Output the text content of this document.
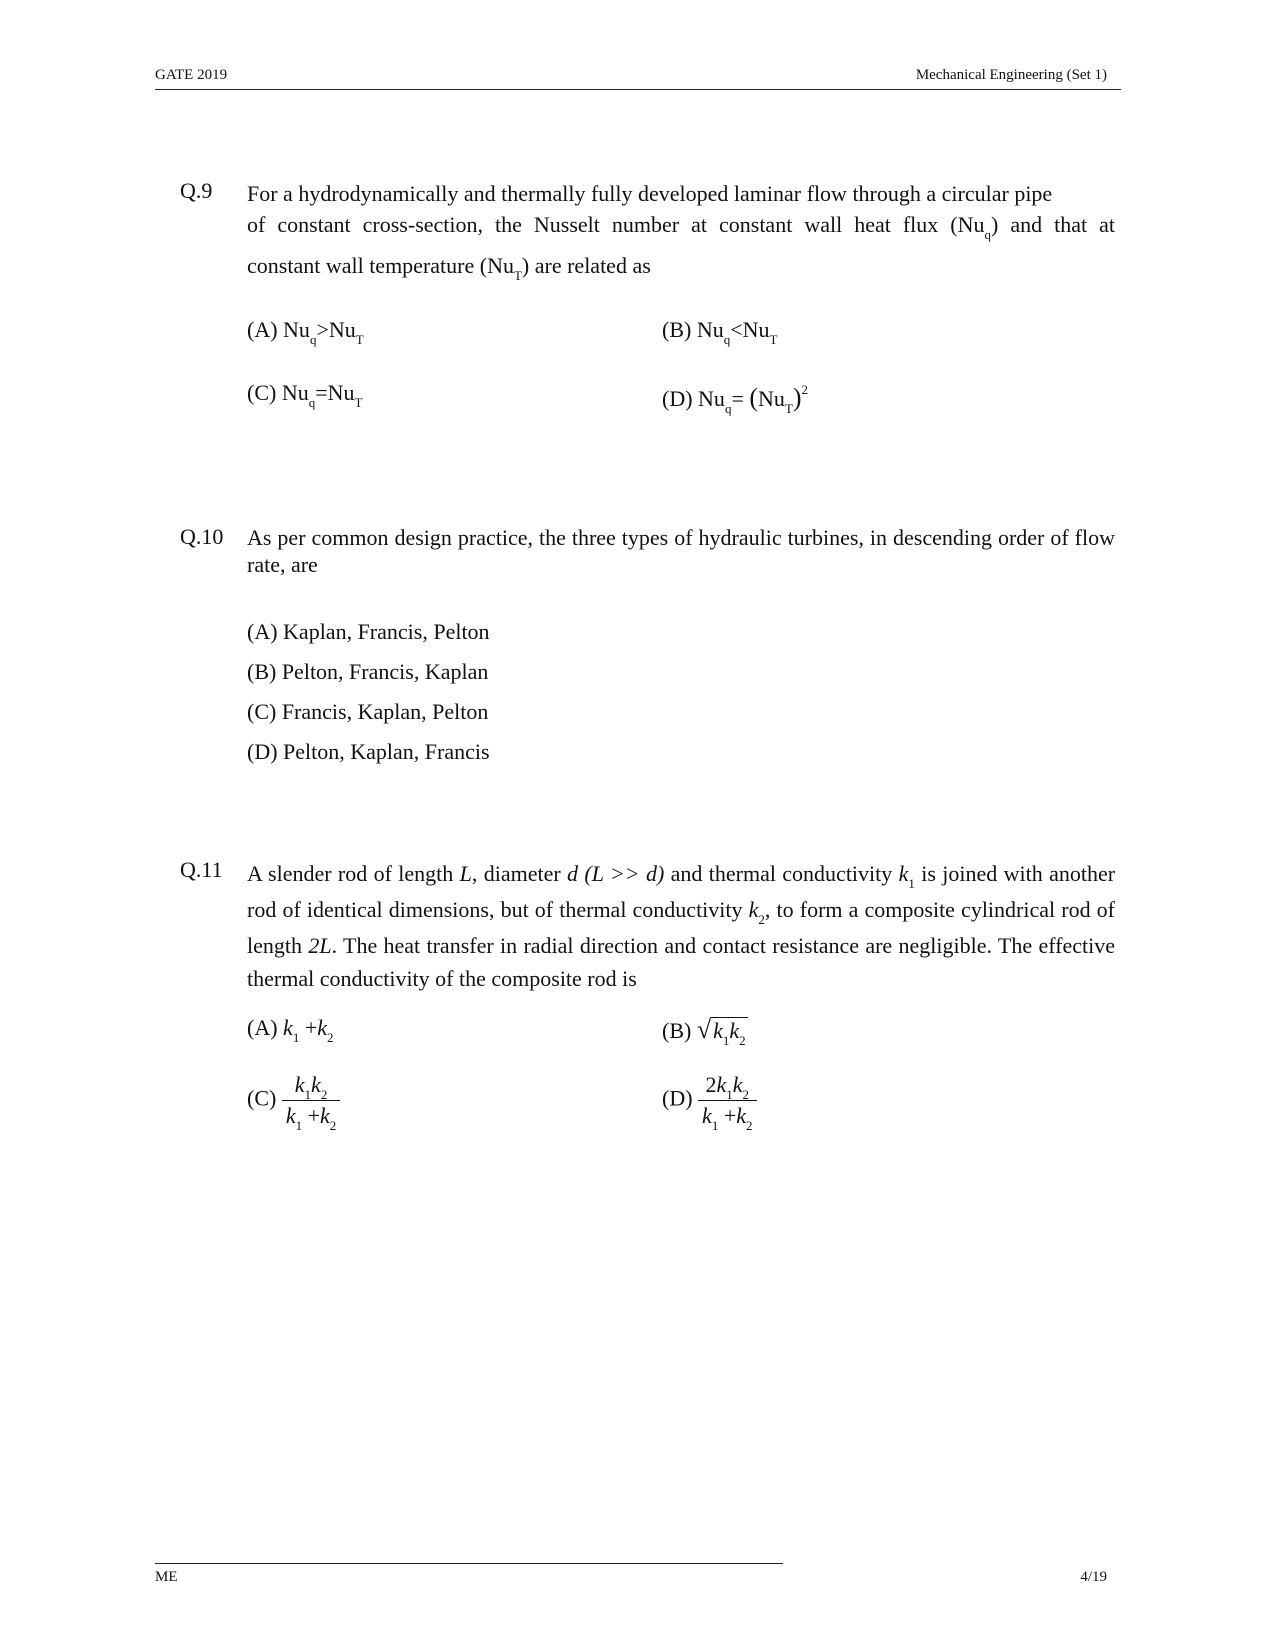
GATE 2019	Mechanical Engineering (Set 1)
Q.9 For a hydrodynamically and thermally fully developed laminar flow through a circular pipe
of constant cross-section, the Nusselt number at constant wall heat flux $(Nu_q)$ and that at
constant wall temperature $(Nu_T)$ are related as
(A) $Nu_q>Nu_T$	(B) $Nu_q<Nu_T$
(C) $Nu_q=Nu_T$	(D) $Nu_q= (Nu_T)^2$
Q.10 As per common design practice, the three types of hydraulic turbines, in descending order of flow rate, are
(A) Kaplan, Francis, Pelton
(B) Pelton, Francis, Kaplan
(C) Francis, Kaplan, Pelton
(D) Pelton, Kaplan, Francis
Q.11 A slender rod of length L, diameter d (L >> d) and thermal conductivity $k_1$ is joined with another rod of identical dimensions, but of thermal conductivity $k_2$, to form a composite cylindrical rod of length 2L. The heat transfer in radial direction and contact resistance are negligible. The effective thermal conductivity of the composite rod is
(A) $k_1 +k_2$	(B) $√k_1k_2$
$(C) \frac{k_1k_2}{k_1 +k_2}$	$(D) \frac{2k_1k_2}{k_1 +k_2}$
ME	4/19
